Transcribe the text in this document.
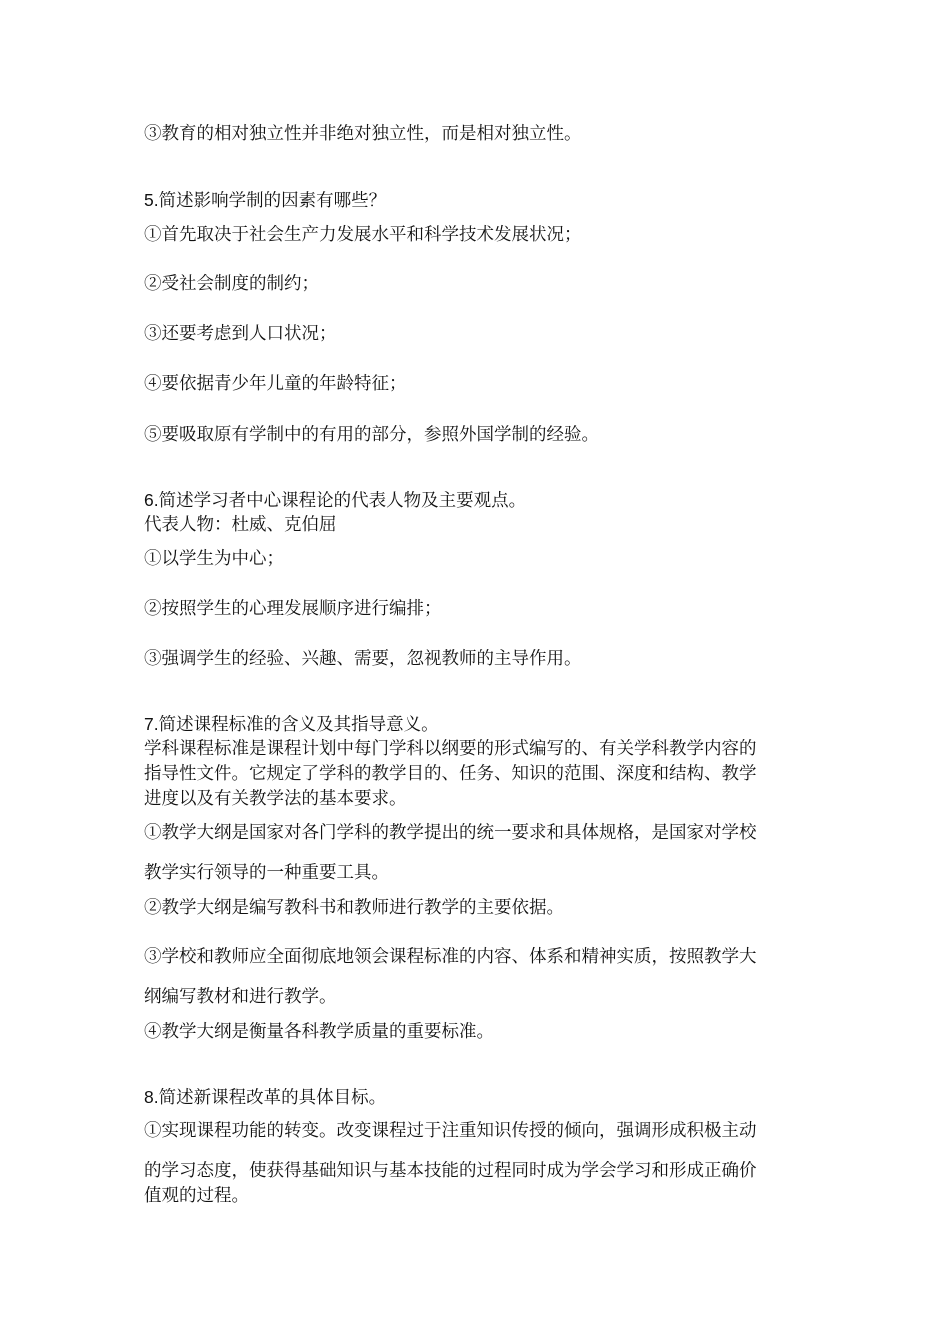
③教育的相对独立性并非绝对独立性，而是相对独立性。

5.简述影响学制的因素有哪些？

①首先取决于社会生产力发展水平和科学技术发展状况；

②受社会制度的制约；

③还要考虑到人口状况；

④要依据青少年儿童的年龄特征；

⑤要吸取原有学制中的有用的部分，参照外国学制的经验。

6.简述学习者中心课程论的代表人物及主要观点。

代表人物：杜威、克伯屈

①以学生为中心；

②按照学生的心理发展顺序进行编排；

③强调学生的经验、兴趣、需要，忽视教师的主导作用。

7.简述课程标准的含义及其指导意义。

学科课程标准是课程计划中每门学科以纲要的形式编写的、有关学科教学内容的

指导性文件。它规定了学科的教学目的、任务、知识的范围、深度和结构、教学

进度以及有关教学法的基本要求。

①教学大纲是国家对各门学科的教学提出的统一要求和具体规格，是国家对学校

教学实行领导的一种重要工具。

②教学大纲是编写教科书和教师进行教学的主要依据。

③学校和教师应全面彻底地领会课程标准的内容、体系和精神实质，按照教学大

纲编写教材和进行教学。

④教学大纲是衡量各科教学质量的重要标准。

8.简述新课程改革的具体目标。

①实现课程功能的转变。改变课程过于注重知识传授的倾向，强调形成积极主动

的学习态度，使获得基础知识与基本技能的过程同时成为学会学习和形成正确价

值观的过程。
